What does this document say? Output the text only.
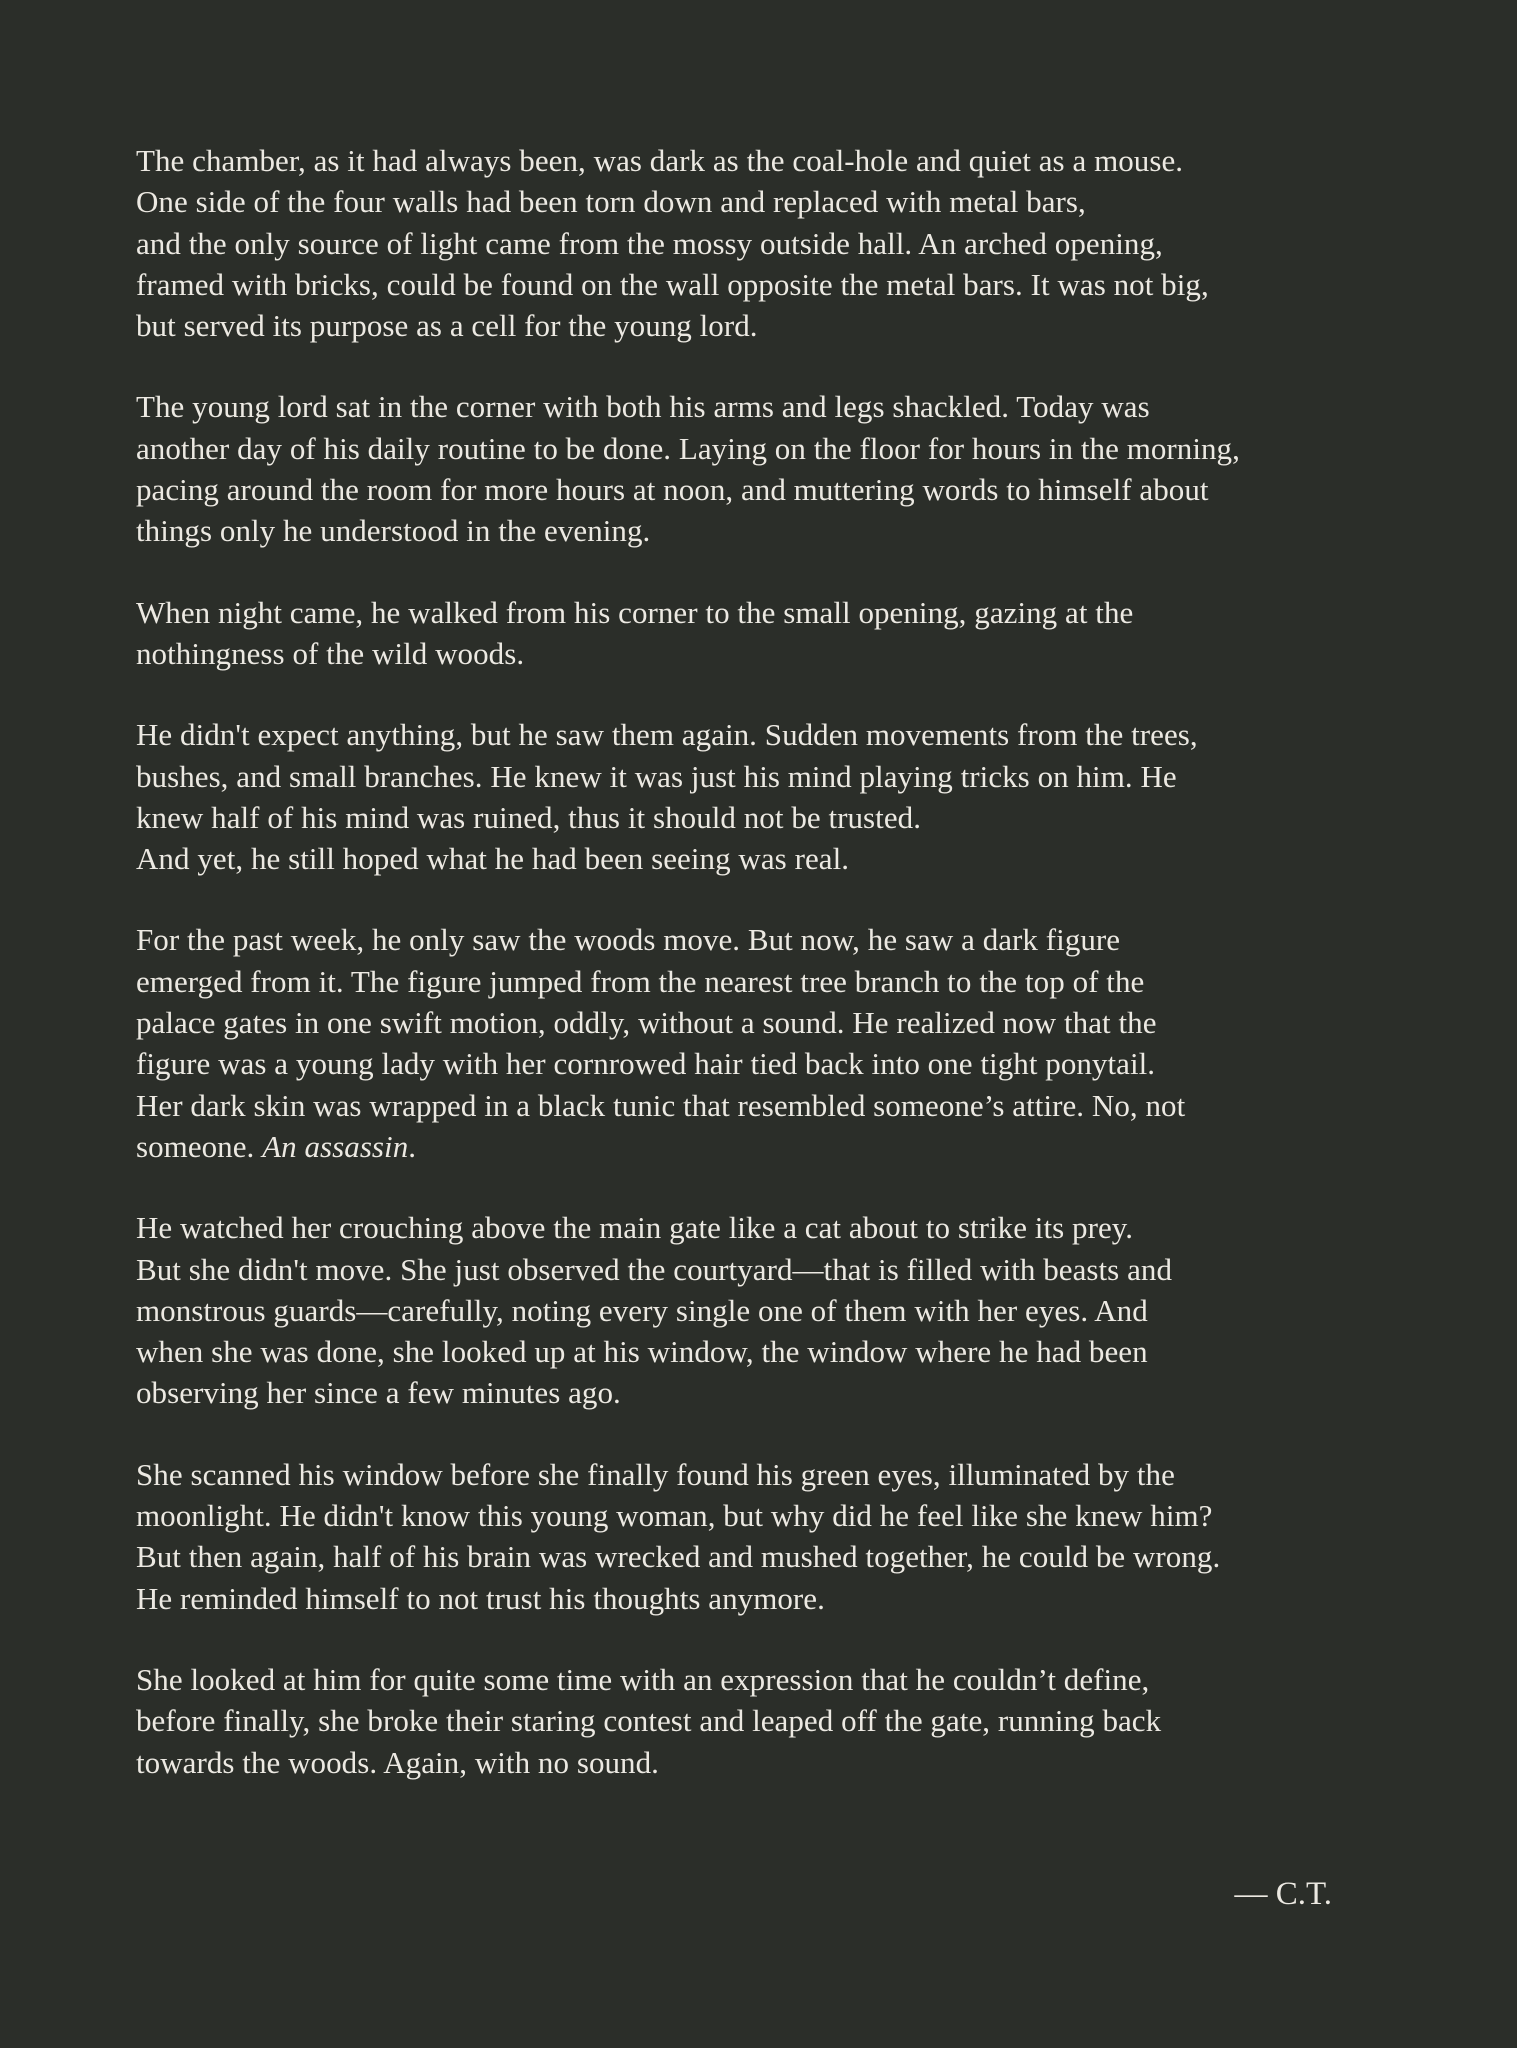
The chamber, as it had always been, was dark as the coal-hole and quiet as a mouse.
One side of the four walls had been torn down and replaced with metal bars,
and the only source of light came from the mossy outside hall. An arched opening,
framed with bricks, could be found on the wall opposite the metal bars. It was not big,
but served its purpose as a cell for the young lord.

The young lord sat in the corner with both his arms and legs shackled. Today was
another day of his daily routine to be done. Laying on the floor for hours in the morning,
pacing around the room for more hours at noon, and muttering words to himself about
things only he understood in the evening.

When night came, he walked from his corner to the small opening, gazing at the
nothingness of the wild woods.

He didn't expect anything, but he saw them again. Sudden movements from the trees,
bushes, and small branches. He knew it was just his mind playing tricks on him. He
knew half of his mind was ruined, thus it should not be trusted.
And yet, he still hoped what he had been seeing was real.

For the past week, he only saw the woods move. But now, he saw a dark figure
emerged from it. The figure jumped from the nearest tree branch to the top of the
palace gates in one swift motion, oddly, without a sound. He realized now that the
figure was a young lady with her cornrowed hair tied back into one tight ponytail.
Her dark skin was wrapped in a black tunic that resembled someone’s attire. No, not
someone. An assassin.

He watched her crouching above the main gate like a cat about to strike its prey.
But she didn't move. She just observed the courtyard—that is filled with beasts and
monstrous guards—carefully, noting every single one of them with her eyes. And
when she was done, she looked up at his window, the window where he had been
observing her since a few minutes ago.

She scanned his window before she finally found his green eyes, illuminated by the
moonlight. He didn't know this young woman, but why did he feel like she knew him?
But then again, half of his brain was wrecked and mushed together, he could be wrong.
He reminded himself to not trust his thoughts anymore.

She looked at him for quite some time with an expression that he couldn’t define,
before finally, she broke their staring contest and leaped off the gate, running back
towards the woods. Again, with no sound.

— C.T.
